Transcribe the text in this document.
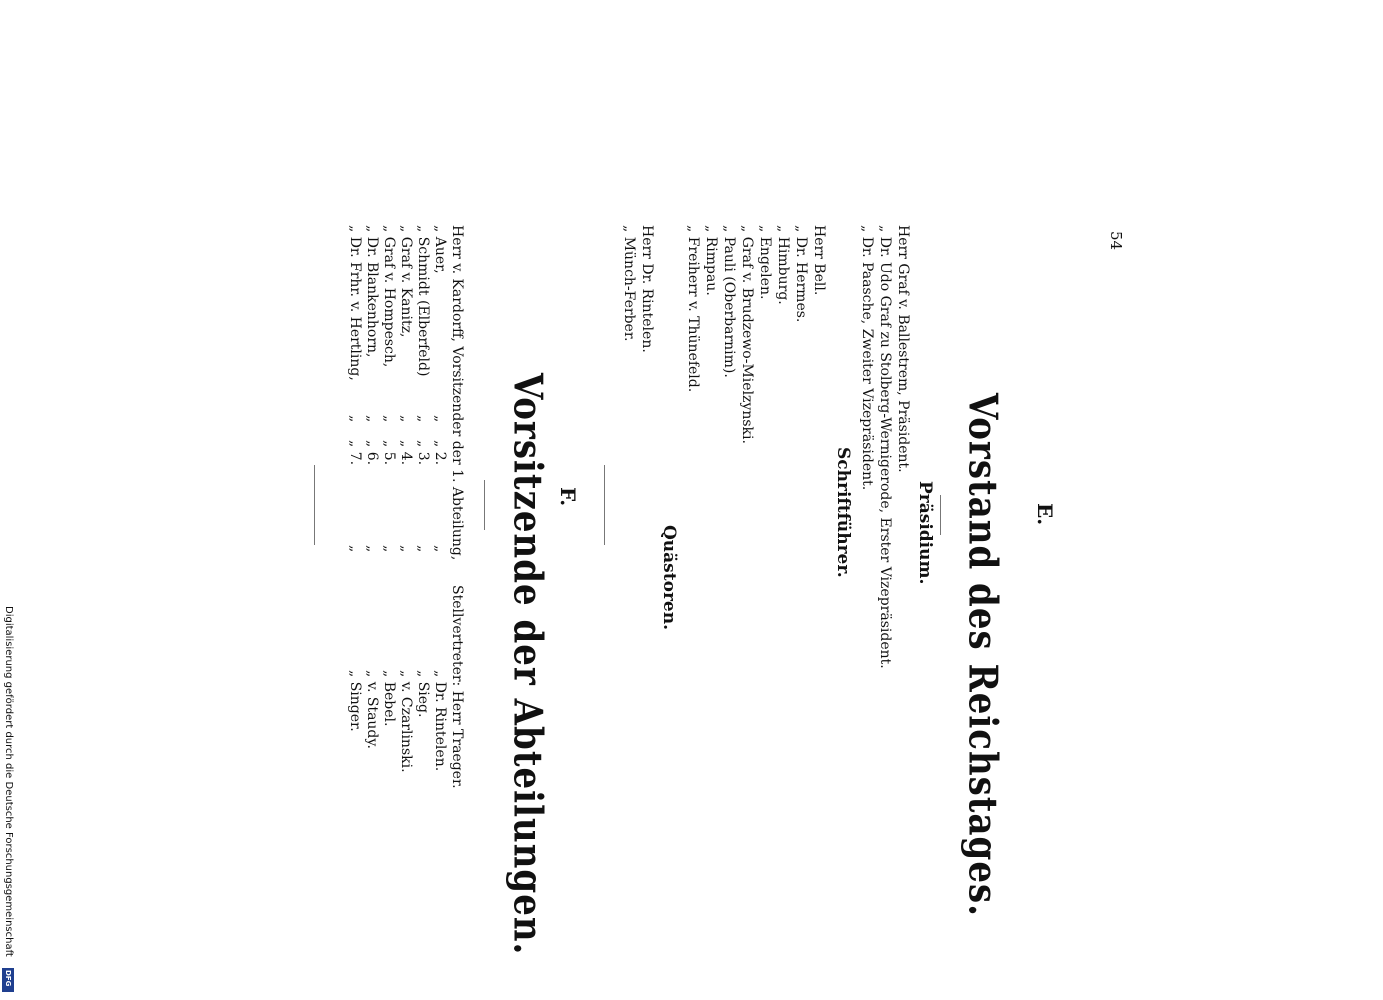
54
E.
Vorstand des Reichstages.
Präsidium.
Herr Graf v. Ballestrem, Präsident.
„ Dr. Udo Graf zu Stolberg-Wernigerode, Erster Vizepräsident.
„ Dr. Paasche, Zweiter Vizepräsident.
Schriftführer.
Herr Bell.
„ Dr. Hermes.
„ Himburg.
„ Engelen.
„ Graf v. Brudzewo-Mielzynski.
„ Pauli (Oberbarnim).
„ Rimpau.
„ Freiherr v. Thünefeld.
Quästoren.
Herr Dr. Rintelen.
„ Münch-Ferber.
F.
Vorsitzende der Abteilungen.
Herr v. Kardorff, Vorsitzender der 1. Abteilung,
Stellvertreter: Herr Traeger.
„ Auer,
„
„ 2.
„
„ Dr. Rintelen.
„ Schmidt (Elberfeld)
„
„ 3.
„
„ Sieg.
„ Graf v. Kanitz,
„
„ 4.
„
„ v. Czarlinski.
„ Graf v. Hompesch,
„
„ 5.
„
„ Bebel.
„ Dr. Blankenhorn,
„
„ 6.
„
„ v. Staudy.
„ Dr. Frhr. v. Hertling,
„
„ 7.
„
„ Singer.
Digitalisierung gefördert durch die Deutsche Forschungsgemeinschaft
DFG
